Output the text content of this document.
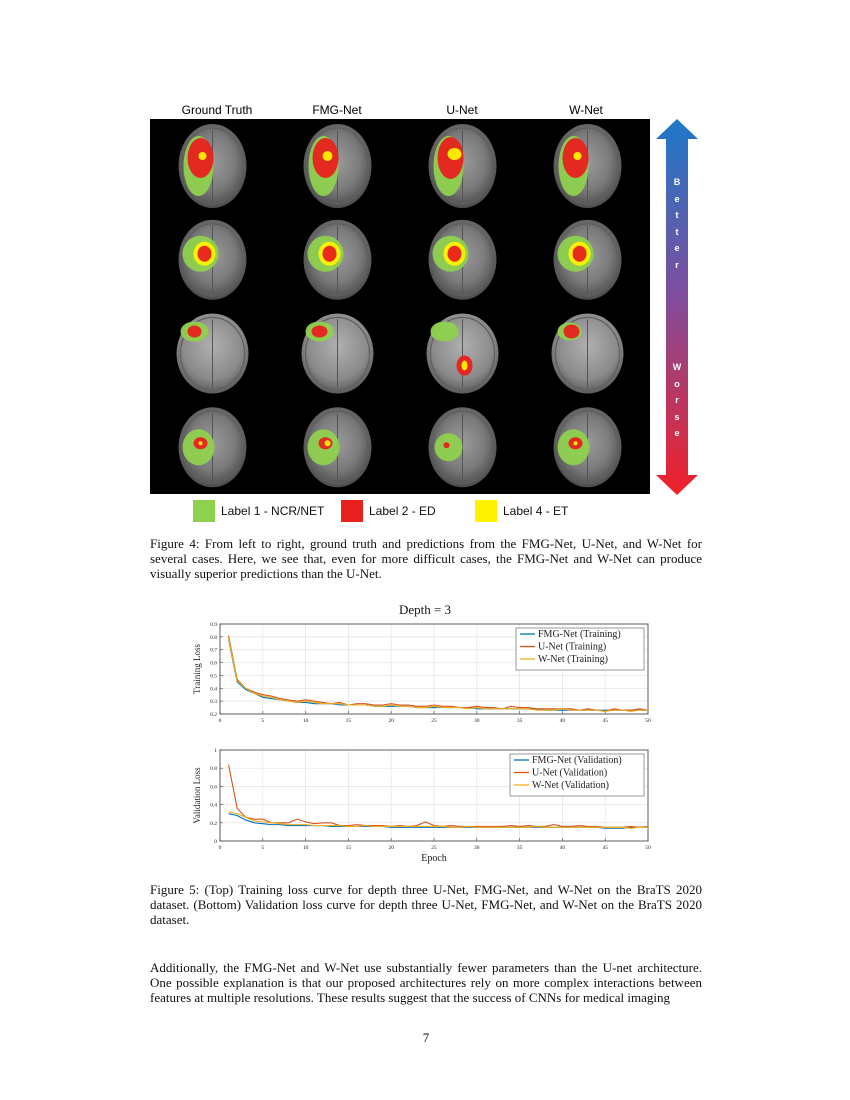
Ground Truth	FMG-Net	U-Net	W-Net
B
e
t
t
e
r
W
o
r
s
e
Label 1 - NCR/NET	Label 2 - ED	Label 4 - ET
Figure 4: From left to right, ground truth and predictions from the FMG-Net, U-Net, and W-Net for several cases. Here, we see that, even for more difficult cases, the FMG-Net and W-Net can produce visually superior predictions than the U-Net.
Depth = 3
0	5	10	15	20	25	30	35	40	45	50
0.2
0.3
0.4
0.5
0.6
0.7
0.8
0.9
Training Loss
FMG-Net (Training)
U-Net (Training)
W-Net (Training)
0	5	10	15	20	25	30	35	40	45	50
0
0.2
0.4
0.6
0.8
1
Validation Loss
Epoch
FMG-Net (Validation)
U-Net (Validation)
W-Net (Validation)
Figure 5: (Top) Training loss curve for depth three U-Net, FMG-Net, and W-Net on the BraTS 2020 dataset. (Bottom) Validation loss curve for depth three U-Net, FMG-Net, and W-Net on the BraTS 2020 dataset.
Additionally, the FMG-Net and W-Net use substantially fewer parameters than the U-net architecture. One possible explanation is that our proposed architectures rely on more complex interactions between features at multiple resolutions. These results suggest that the success of CNNs for medical imaging
7
